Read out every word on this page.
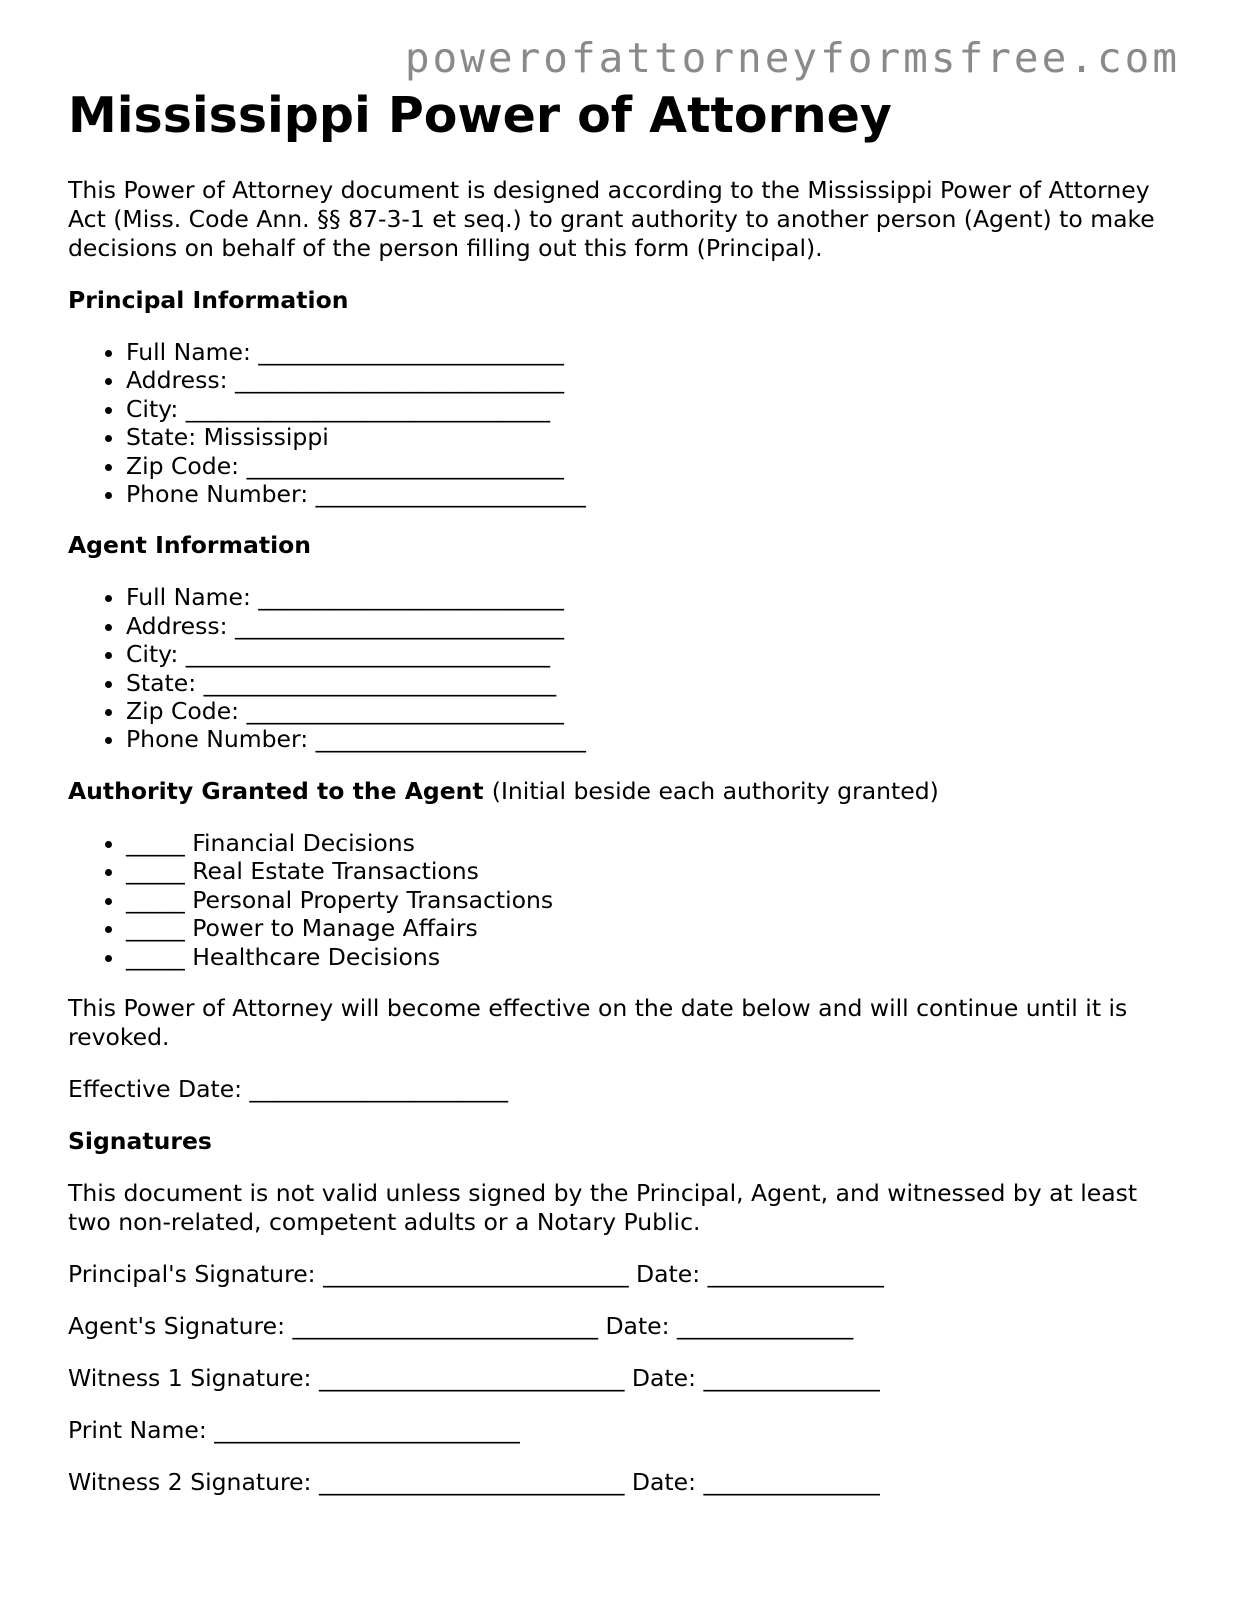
powerofattorneyformsfree.com
Mississippi Power of Attorney

This Power of Attorney document is designed according to the Mississippi Power of Attorney Act (Miss. Code Ann. §§ 87-3-1 et seq.) to grant authority to another person (Agent) to make decisions on behalf of the person filling out this form (Principal).

Principal Information
• Full Name: __________________________
• Address: ____________________________
• City: _______________________________
• State: Mississippi
• Zip Code: ___________________________
• Phone Number: _______________________
Agent Information
• Full Name: __________________________
• Address: ____________________________
• City: _______________________________
• State: ______________________________
• Zip Code: ___________________________
• Phone Number: _______________________
Authority Granted to the Agent (Initial beside each authority granted)
• _____ Financial Decisions
• _____ Real Estate Transactions
• _____ Personal Property Transactions
• _____ Power to Manage Affairs
• _____ Healthcare Decisions

This Power of Attorney will become effective on the date below and will continue until it is revoked.

Effective Date: ______________________

Signatures

This document is not valid unless signed by the Principal, Agent, and witnessed by at least two non-related, competent adults or a Notary Public.

Principal's Signature: __________________________ Date: _______________

Agent's Signature: __________________________ Date: _______________

Witness 1 Signature: __________________________ Date: _______________

Print Name: __________________________

Witness 2 Signature: __________________________ Date: _______________
